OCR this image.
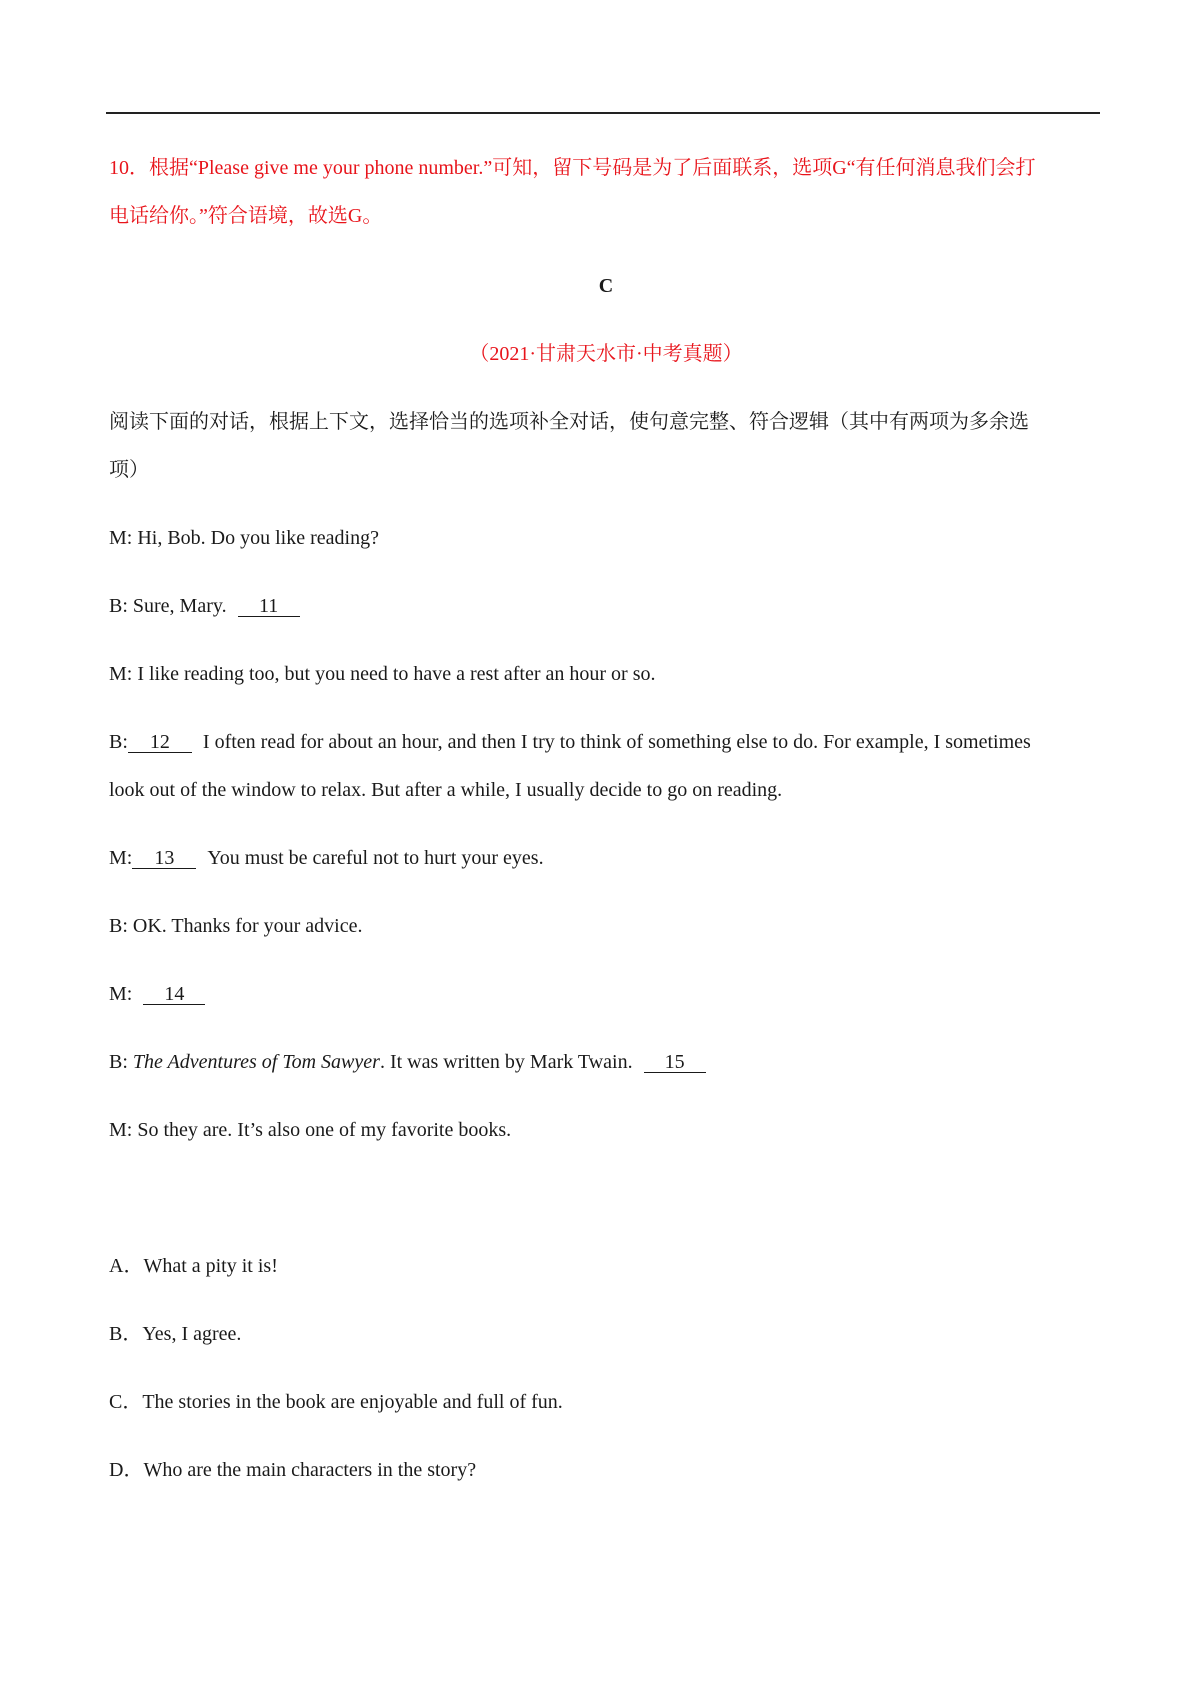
10．根据“Please give me your phone number.”可知，留下号码是为了后面联系，选项G“有任何消息我们会打
电话给你。”符合语境，故选G。
C
（2021·甘肃天水市·中考真题）
阅读下面的对话，根据上下文，选择恰当的选项补全对话，使句意完整、符合逻辑（其中有两项为多余选
项）
M: Hi, Bob. Do you like reading?
B: Sure, Mary. 11
M: I like reading too, but you need to have a rest after an hour or so.
B: 12 I often read for about an hour, and then I try to think of something else to do. For example, I sometimes
look out of the window to relax. But after a while, I usually decide to go on reading.
M: 13 You must be careful not to hurt your eyes.
B: OK. Thanks for your advice.
M: 14
B: The Adventures of Tom Sawyer. It was written by Mark Twain. 15
M: So they are. It’s also one of my favorite books.
A．What a pity it is!
B．Yes, I agree.
C．The stories in the book are enjoyable and full of fun.
D．Who are the main characters in the story?
